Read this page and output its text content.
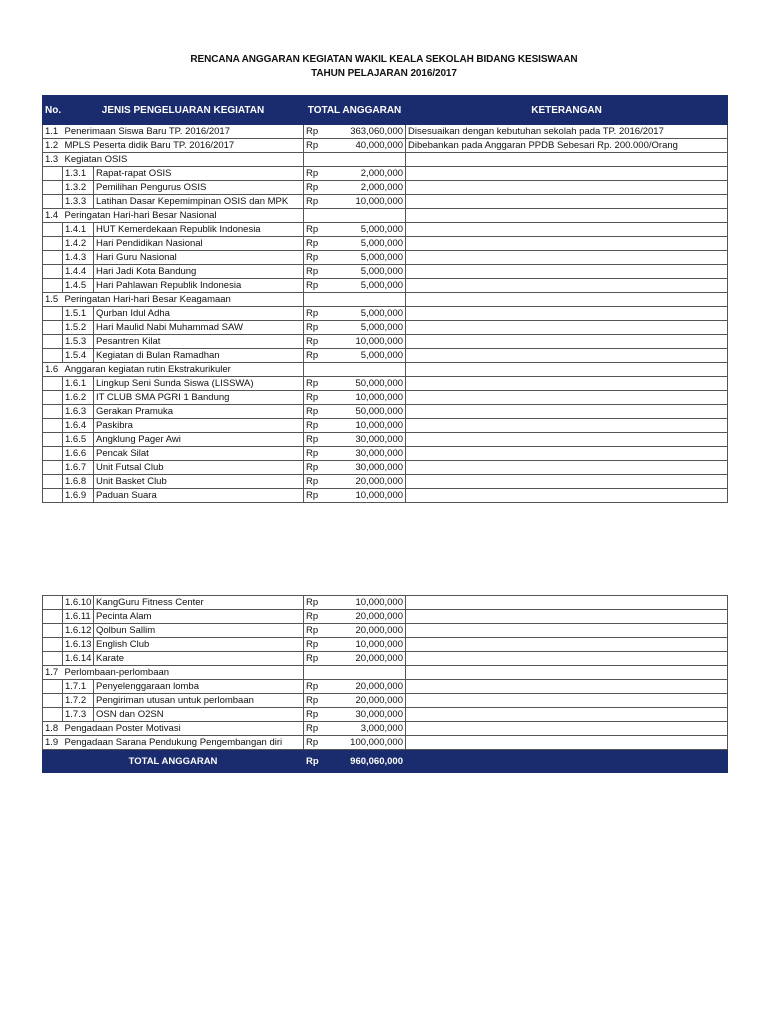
RENCANA ANGGARAN KEGIATAN WAKIL KEALA SEKOLAH BIDANG KESISWAAN
TAHUN PELAJARAN 2016/2017
No.	JENIS PENGELUARAN KEGIATAN		TOTAL ANGGARAN		KETERANGAN
1.1	Penerimaan Siswa Baru TP. 2016/2017		Rp	363,060,000	Disesuaikan dengan kebutuhan sekolah pada TP. 2016/2017
1.2	MPLS Peserta didik Baru TP. 2016/2017		Rp	40,000,000	Dibebankan pada Anggaran PPDB Sebesari Rp. 200.000/Orang
1.3	Kegiatan OSIS				
	1.3.1	Rapat-rapat OSIS	Rp	2,000,000	
	1.3.2	Pemilihan Pengurus OSIS	Rp	2,000,000	
	1.3.3	Latihan Dasar Kepemimpinan OSIS dan MPK	Rp	10,000,000	
1.4	Peringatan Hari-hari Besar Nasional				
	1.4.1	HUT Kemerdekaan Republik Indonesia	Rp	5,000,000	
	1.4.2	Hari Pendidikan Nasional	Rp	5,000,000	
	1.4.3	Hari Guru Nasional	Rp	5,000,000	
	1.4.4	Hari Jadi Kota Bandung	Rp	5,000,000	
	1.4.5	Hari Pahlawan Republik Indonesia	Rp	5,000,000	
1.5	Peringatan Hari-hari Besar Keagamaan				
	1.5.1	Qurban Idul Adha	Rp	5,000,000	
	1.5.2	Hari Maulid Nabi Muhammad SAW	Rp	5,000,000	
	1.5.3	Pesantren Kilat	Rp	10,000,000	
	1.5.4	Kegiatan di Bulan Ramadhan	Rp	5,000,000	
1.6	Anggaran kegiatan rutin Ekstrakurikuler				
	1.6.1	Lingkup Seni Sunda Siswa (LISSWA)	Rp	50,000,000	
	1.6.2	IT CLUB SMA PGRI 1 Bandung	Rp	10,000,000	
	1.6.3	Gerakan Pramuka	Rp	50,000,000	
	1.6.4	Paskibra	Rp	10,000,000	
	1.6.5	Angklung Pager Awi	Rp	30,000,000	
	1.6.6	Pencak Silat	Rp	30,000,000	
	1.6.7	Unit Futsal Club	Rp	30,000,000	
	1.6.8	Unit Basket Club	Rp	20,000,000	
	1.6.9	Paduan Suara	Rp	10,000,000	
	1.6.10	KangGuru Fitness Center	Rp	10,000,000	
	1.6.11	Pecinta Alam	Rp	20,000,000	
	1.6.12	Qolbun Sallim	Rp	20,000,000	
	1.6.13	English Club	Rp	10,000,000	
	1.6.14	Karate	Rp	20,000,000	
1.7	Perlombaan-perlombaan				
	1.7.1	Penyelenggaraan lomba	Rp	20,000,000	
	1.7.2	Pengiriman utusan untuk perlombaan	Rp	20,000,000	
	1.7.3	OSN dan O2SN	Rp	30,000,000	
1.8	Pengadaan Poster Motivasi		Rp	3,000,000	
1.9	Pengadaan Sarana Pendukung Pengembangan diri		Rp	100,000,000	
TOTAL ANGGARAN			Rp	960,060,000	
